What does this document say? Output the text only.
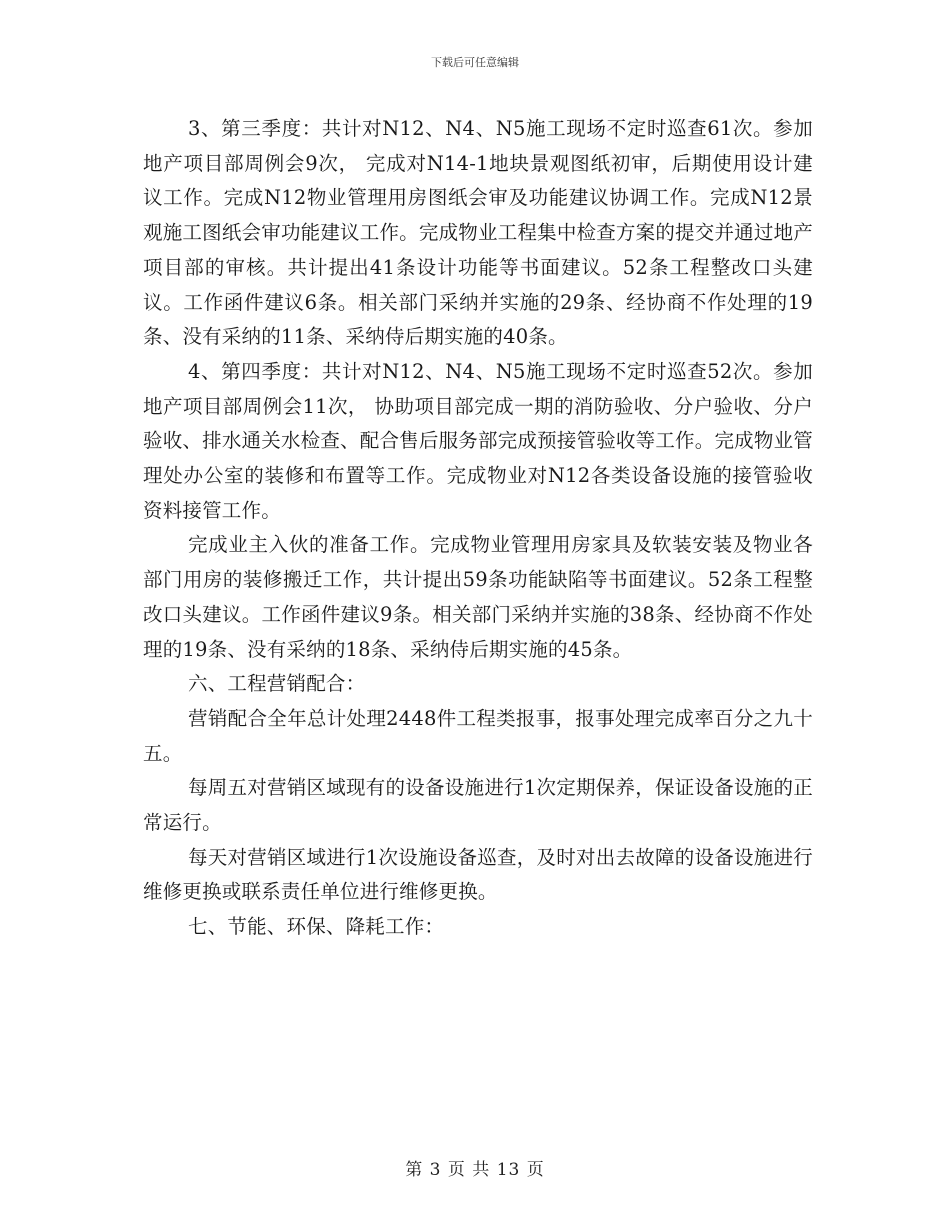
下载后可任意编辑

3、第三季度：共计对N12、N4、N5施工现场不定时巡查61次。参加地产项目部周例会9次， 完成对N14-1地块景观图纸初审，后期使用设计建议工作。完成N12物业管理用房图纸会审及功能建议协调工作。完成N12景观施工图纸会审功能建议工作。完成物业工程集中检查方案的提交并通过地产项目部的审核。共计提出41条设计功能等书面建议。52条工程整改口头建议。工作函件建议6条。相关部门采纳并实施的29条、经协商不作处理的19条、没有采纳的11条、采纳侍后期实施的40条。

4、第四季度：共计对N12、N4、N5施工现场不定时巡查52次。参加地产项目部周例会11次， 协助项目部完成一期的消防验收、分户验收、分户验收、排水通关水检查、配合售后服务部完成预接管验收等工作。完成物业管理处办公室的装修和布置等工作。完成物业对N12各类设备设施的接管验收资料接管工作。

完成业主入伙的准备工作。完成物业管理用房家具及软装安装及物业各部门用房的装修搬迁工作，共计提出59条功能缺陷等书面建议。52条工程整改口头建议。工作函件建议9条。相关部门采纳并实施的38条、经协商不作处理的19条、没有采纳的18条、采纳侍后期实施的45条。

六、工程营销配合：

营销配合全年总计处理2448件工程类报事，报事处理完成率百分之九十五。

每周五对营销区域现有的设备设施进行1次定期保养，保证设备设施的正常运行。

每天对营销区域进行1次设施设备巡查，及时对出去故障的设备设施进行维修更换或联系责任单位进行维修更换。

七、节能、环保、降耗工作：

第 3 页 共 13 页
